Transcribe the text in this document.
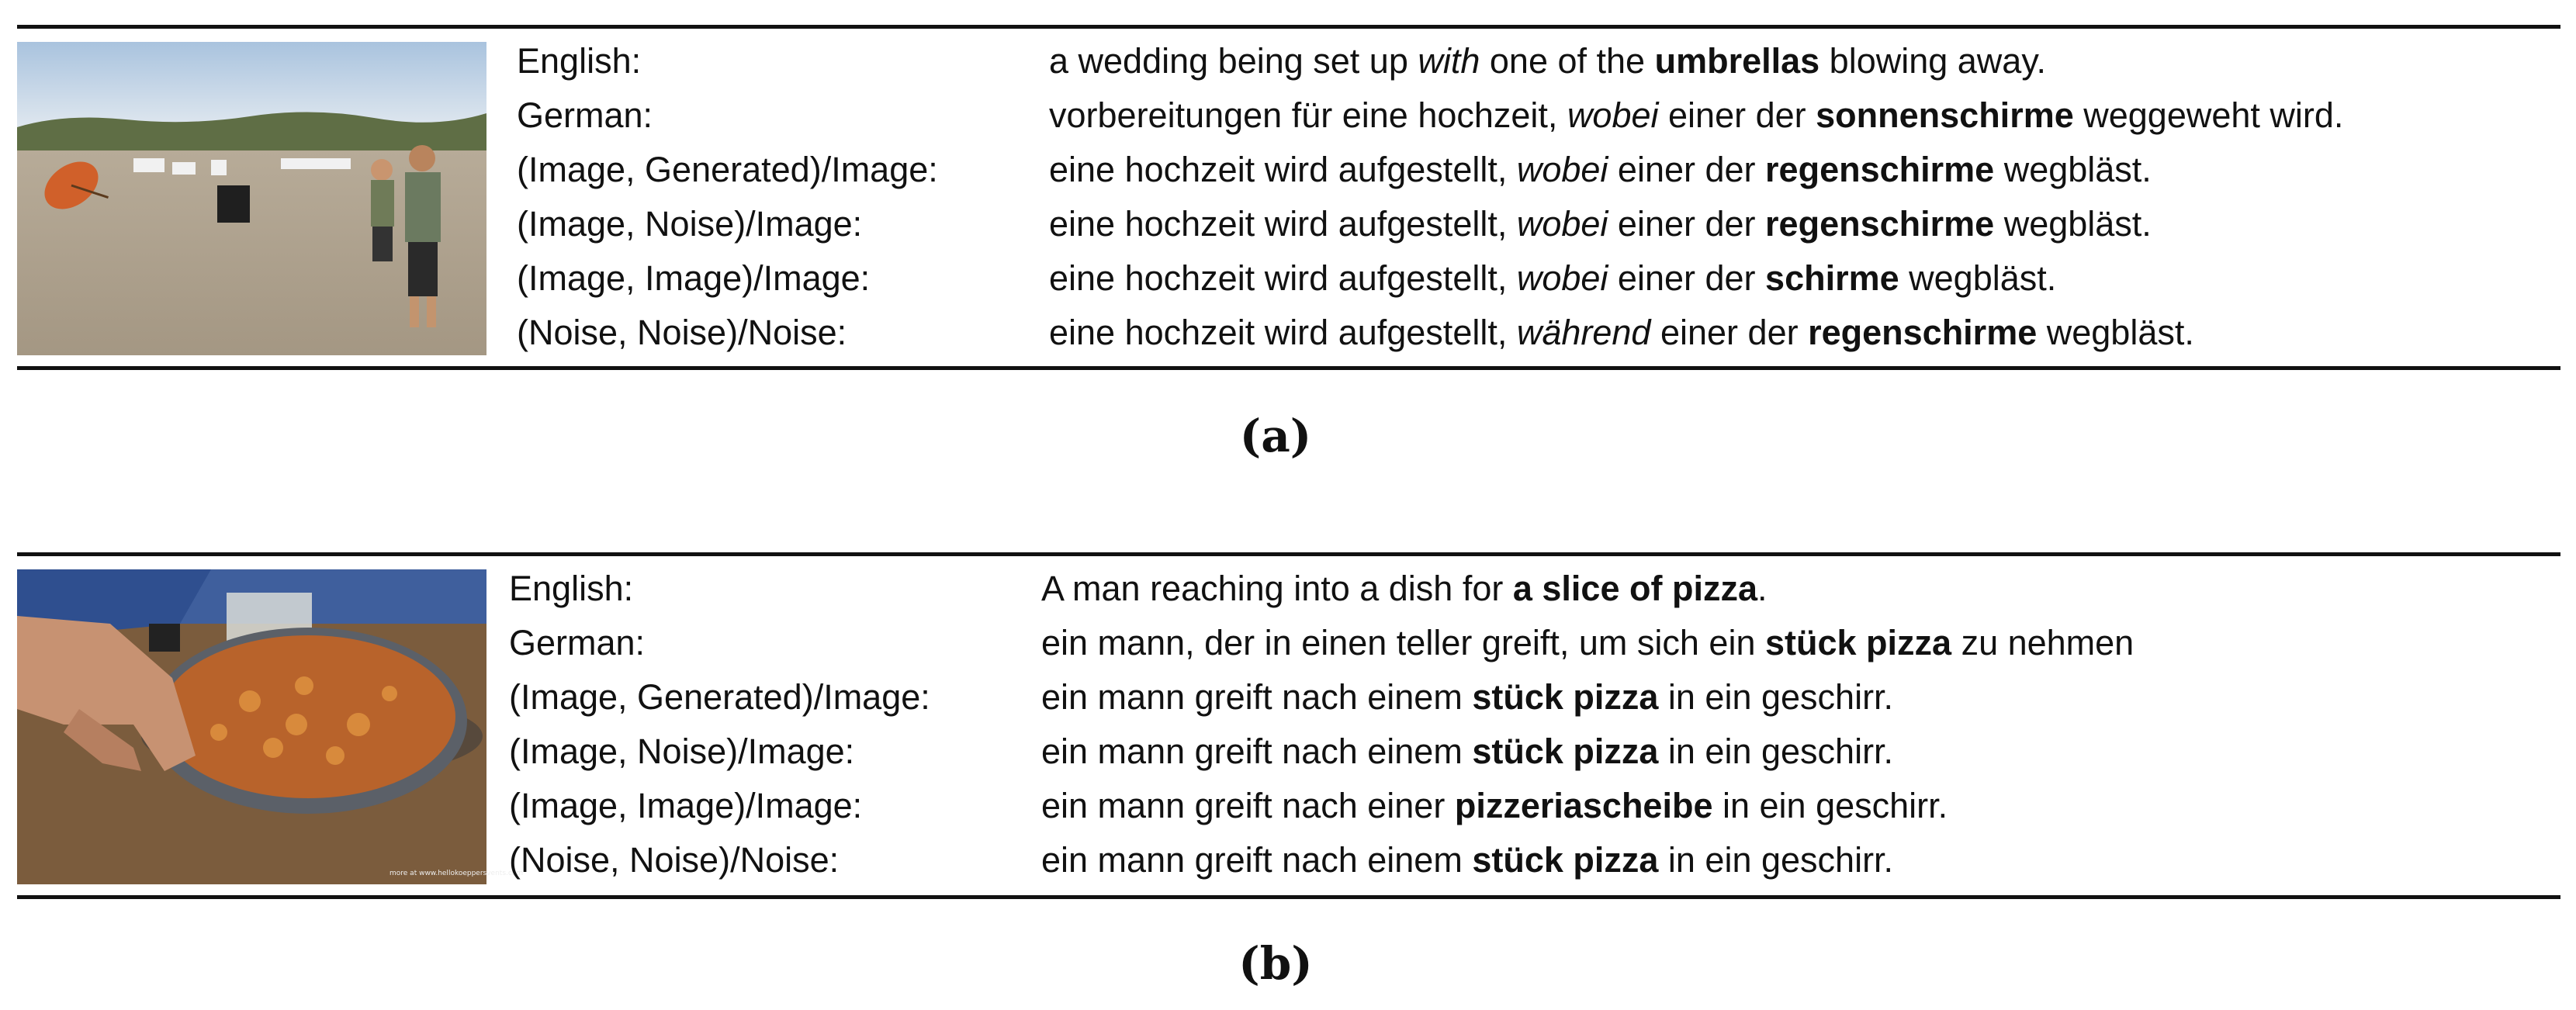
English:
German:
(Image, Generated)/Image:
(Image, Noise)/Image:
(Image, Image)/Image:
(Noise, Noise)/Noise:
a wedding being set up with one of the umbrellas blowing away.
vorbereitungen für eine hochzeit, wobei einer der sonnenschirme weggeweht wird.
eine hochzeit wird aufgestellt, wobei einer der regenschirme wegbläst.
eine hochzeit wird aufgestellt, wobei einer der regenschirme wegbläst.
eine hochzeit wird aufgestellt, wobei einer der schirme wegbläst.
eine hochzeit wird aufgestellt, während einer der regenschirme wegbläst.
(a)
more at www.hellokoeppersvents.com
English:
German:
(Image, Generated)/Image:
(Image, Noise)/Image:
(Image, Image)/Image:
(Noise, Noise)/Noise:
A man reaching into a dish for a slice of pizza.
ein mann, der in einen teller greift, um sich ein stück pizza zu nehmen
ein mann greift nach einem stück pizza in ein geschirr.
ein mann greift nach einem stück pizza in ein geschirr.
ein mann greift nach einer pizzeriascheibe in ein geschirr.
ein mann greift nach einem stück pizza in ein geschirr.
(b)
